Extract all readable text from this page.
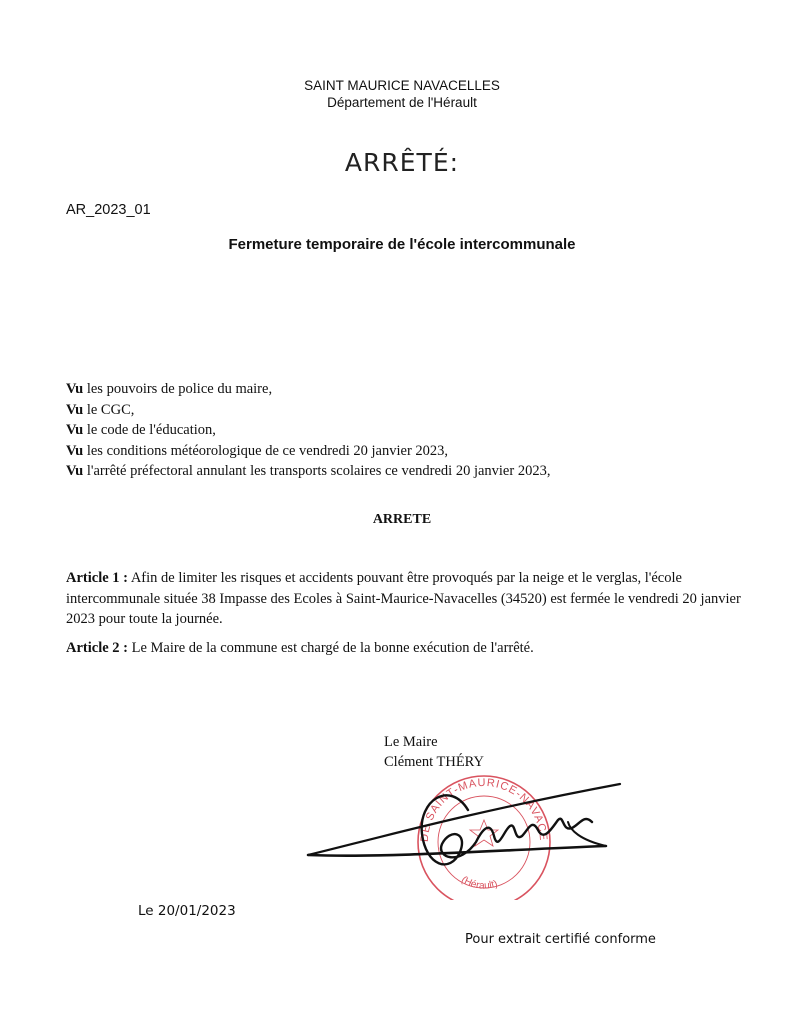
SAINT MAURICE NAVACELLES
Département de l'Hérault
ARRÊTÉ:
AR_2023_01
Fermeture temporaire de l'école intercommunale
Vu les pouvoirs de police du maire,
Vu le CGC,
Vu le code de l'éducation,
Vu les conditions météorologique de ce vendredi 20 janvier 2023,
Vu l'arrêté préfectoral annulant les transports scolaires ce vendredi 20 janvier 2023,
ARRETE
Article 1 : Afin de limiter les risques et accidents pouvant être provoqués par la neige et le verglas, l'école intercommunale située 38 Impasse des Ecoles à Saint-Maurice-Navacelles (34520) est fermée le vendredi 20 janvier 2023 pour toute la journée.
Article 2 : Le Maire de la commune est chargé de la bonne exécution de l'arrêté.
Le Maire
Clément THÉRY
DE SAINT-MAURICE-NAVACE
(Hérault)
Le 20/01/2023
Pour extrait certifié conforme
